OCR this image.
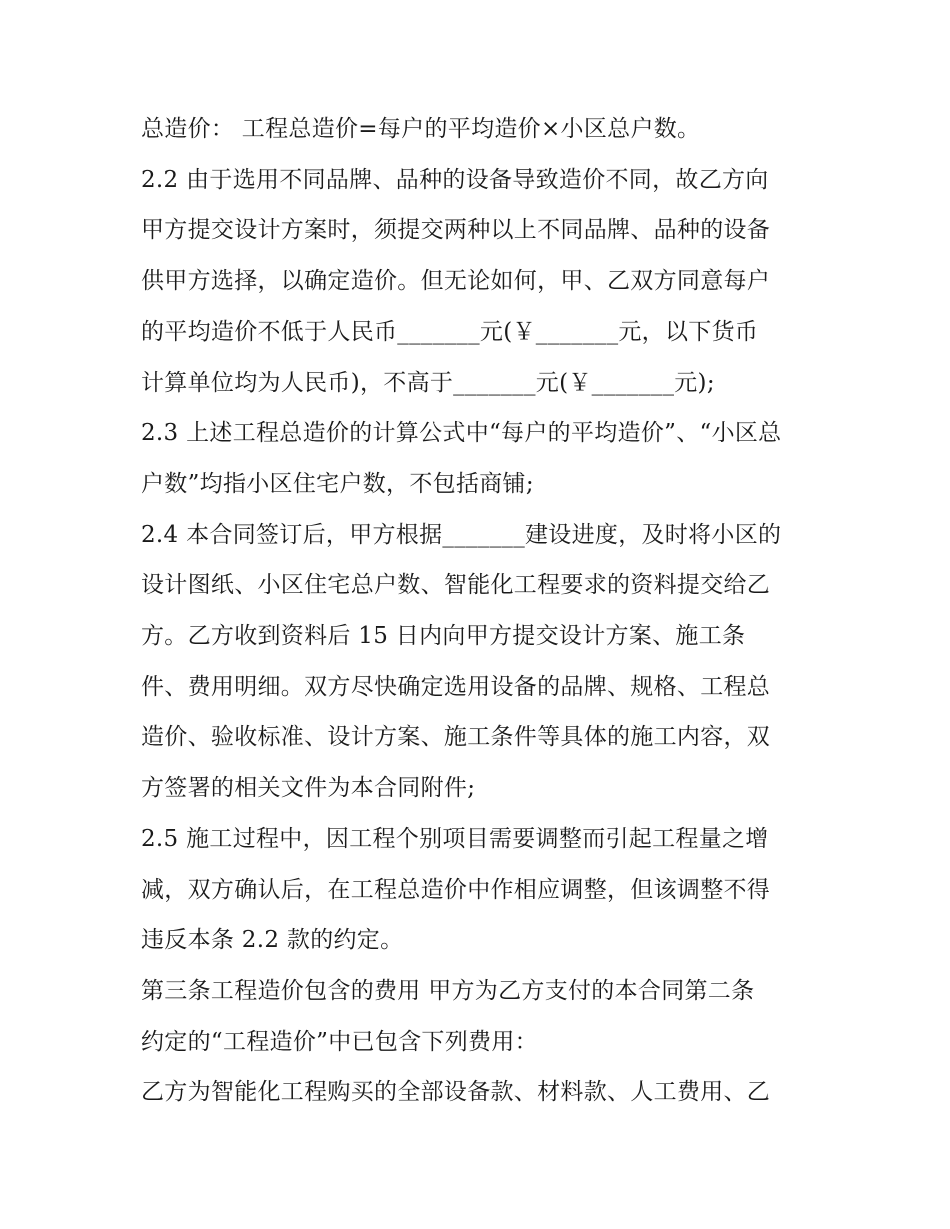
总造价： 工程总造价=每户的平均造价×小区总户数。
2.2 由于选用不同品牌、品种的设备导致造价不同，故乙方向
甲方提交设计方案时，须提交两种以上不同品牌、品种的设备
供甲方选择，以确定造价。但无论如何，甲、乙双方同意每户
的平均造价不低于人民币_______元(￥_______元，以下货币
计算单位均为人民币)，不高于_______元(￥_______元);
2.3 上述工程总造价的计算公式中“每户的平均造价”、“小区总
户数”均指小区住宅户数，不包括商铺;
2.4 本合同签订后，甲方根据_______建设进度，及时将小区的
设计图纸、小区住宅总户数、智能化工程要求的资料提交给乙
方。乙方收到资料后 15 日内向甲方提交设计方案、施工条
件、费用明细。双方尽快确定选用设备的品牌、规格、工程总
造价、验收标准、设计方案、施工条件等具体的施工内容，双
方签署的相关文件为本合同附件;
2.5 施工过程中，因工程个别项目需要调整而引起工程量之增
减，双方确认后，在工程总造价中作相应调整，但该调整不得
违反本条 2.2 款的约定。
第三条工程造价包含的费用 甲方为乙方支付的本合同第二条
约定的“工程造价”中已包含下列费用：
乙方为智能化工程购买的全部设备款、材料款、人工费用、乙
